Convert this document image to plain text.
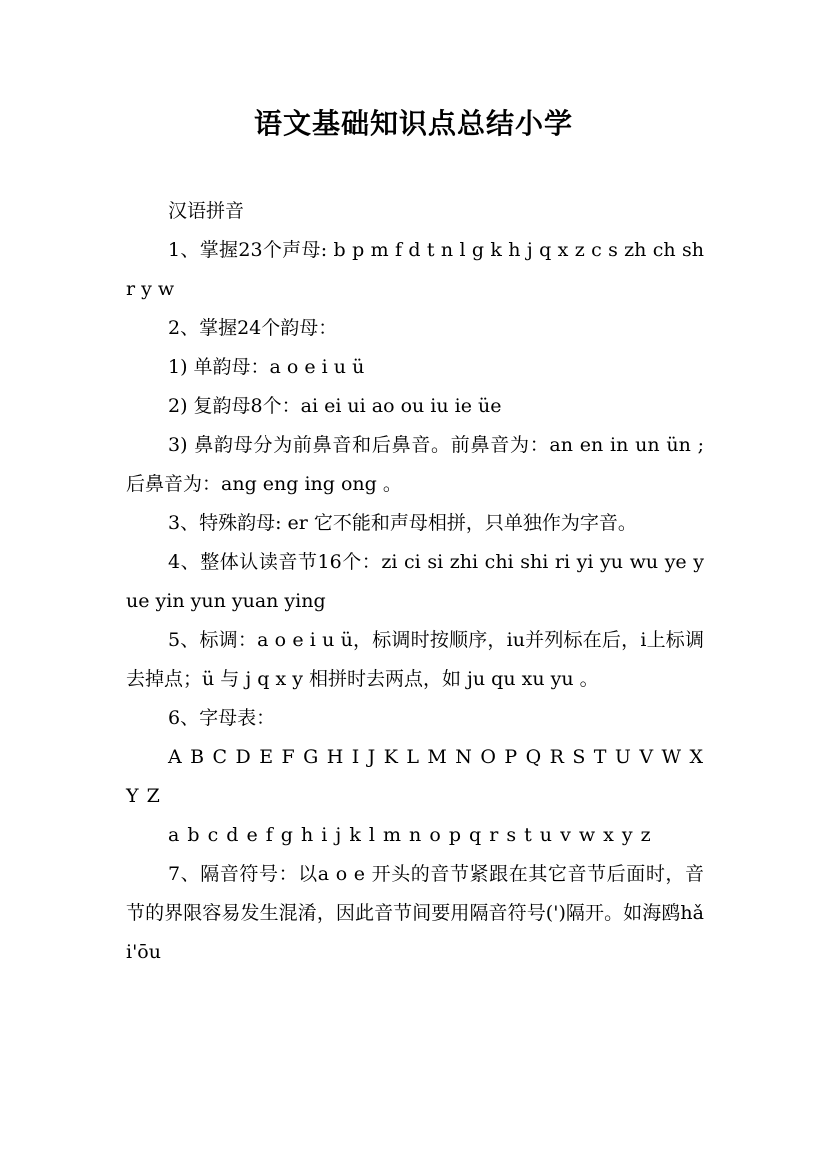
语文基础知识点总结小学

汉语拼音

1、掌握23个声母: b p m f d t n l g k h j q x z c s zh ch sh r y w

2、掌握24个韵母：

1) 单韵母：a o e i u ü

2) 复韵母8个：ai ei ui ao ou iu ie üe

3) 鼻韵母分为前鼻音和后鼻音。前鼻音为：an en in un ün ;后鼻音为：ang eng ing ong 。

3、特殊韵母: er 它不能和声母相拼，只单独作为字音。

4、整体认读音节16个：zi ci si zhi chi shi ri yi yu wu ye yue yin yun yuan ying

5、标调：a o e i u ü，标调时按顺序，iu并列标在后，i上标调去掉点；ü 与 j q x y 相拼时去两点，如 ju qu xu yu 。

6、字母表：

A B C D E F G H I J K L M N O P Q R S T U V W X Y Z

a b c d e f g h i j k l m n o p q r s t u v w x y z

7、隔音符号：以a o e 开头的音节紧跟在其它音节后面时，音节的界限容易发生混淆，因此音节间要用隔音符号(')隔开。如海鸥hǎi'ōu
